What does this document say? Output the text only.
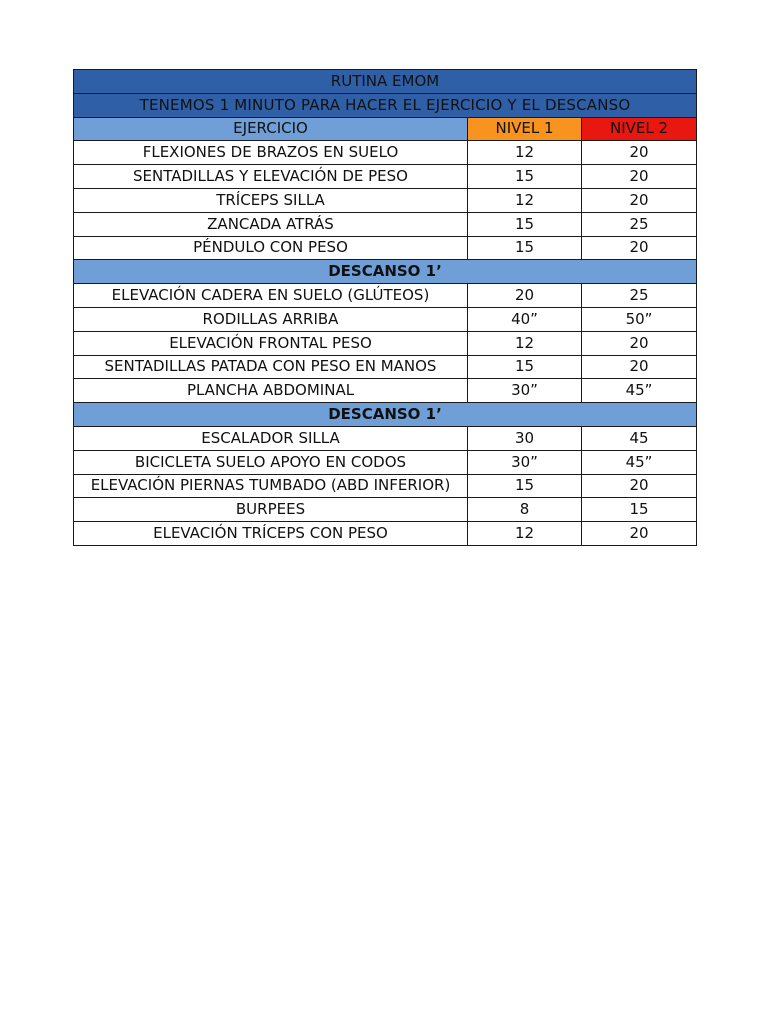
RUTINA EMOM		
TENEMOS 1 MINUTO PARA HACER EL EJERCICIO Y EL DESCANSO		
EJERCICIO	NIVEL 1	NIVEL 2
FLEXIONES DE BRAZOS EN SUELO	12	20
SENTADILLAS Y ELEVACIÓN DE PESO	15	20
TRÍCEPS SILLA	12	20
ZANCADA ATRÁS	15	25
PÉNDULO CON PESO	15	20
DESCANSO 1’		
ELEVACIÓN CADERA EN SUELO (GLÚTEOS)	20	25
RODILLAS ARRIBA	40”	50”
ELEVACIÓN FRONTAL PESO	12	20
SENTADILLAS PATADA CON PESO EN MANOS	15	20
PLANCHA ABDOMINAL	30”	45”
DESCANSO 1’		
ESCALADOR SILLA	30	45
BICICLETA SUELO APOYO EN CODOS	30”	45”
ELEVACIÓN PIERNAS TUMBADO (ABD INFERIOR)	15	20
BURPEES	8	15
ELEVACIÓN TRÍCEPS CON PESO	12	20
